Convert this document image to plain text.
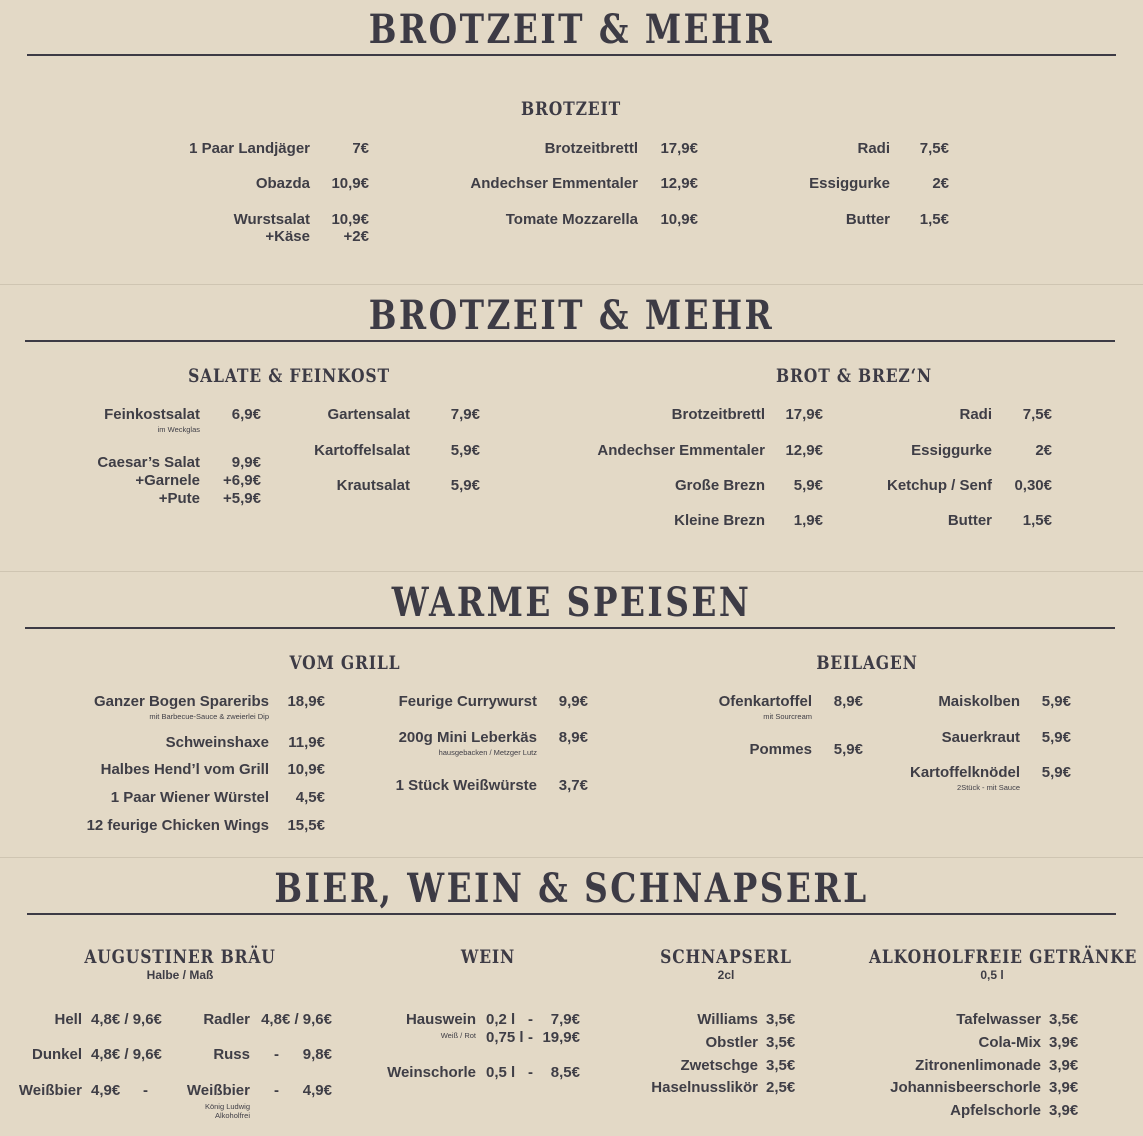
BROTZEIT & MEHR
BROTZEIT
1 Paar Landjäger	7€
Obazda 10,9€
Wurstsalat 10,9€
+Käse +2€
Brotzeitbrettl 17,9€
Andechser Emmentaler 12,9€
Tomate Mozzarella 10,9€
Radi 7,5€
Essiggurke	2€
Butter 1,5€
BROTZEIT & MEHR
SALATE & FEINKOST	BROT & BREZ‘N
Feinkostsalat 6,9€
im Weckglas
Caesar’s Salat 9,9€
+Garnele +6,9€
+Pute +5,9€
Gartensalat	7,9€
Kartoffelsalat	5,9€
Krautsalat	5,9€
Brotzeitbrettl 17,9€
Andechser Emmentaler 12,9€
Große Brezn 5,9€
Kleine Brezn 1,9€
Radi 7,5€
Essiggurke	2€
Ketchup / Senf 0,30€
Butter 1,5€
WARME SPEISEN
VOM GRILL	BEILAGEN
Ganzer Bogen Spareribs 18,9€
mit Barbecue-Sauce & zweierlei Dip
Schweinshaxe 11,9€
Halbes Hend’l vom Grill 10,9€
1 Paar Wiener Würstel 4,5€
12 feurige Chicken Wings 15,5€
Feurige Currywurst 9,9€
200g Mini Leberkäs 8,9€
hausgebacken / Metzger Lutz
1 Stück Weißwürste 3,7€
Ofenkartoffel 8,9€
mit Sourcream
Pommes 5,9€
Maiskolben 5,9€
Sauerkraut 5,9€
Kartoffelknödel 5,9€
2Stück - mit Sauce
BIER, WEIN & SCHNAPSERL
AUGUSTINER BRÄU
Halbe / Maß
WEIN	SCHNAPSERL
2cl
ALKOHOLFREIE GETRÄNKE
0,5 l
Hell 4,8€ / 9,6€
Dunkel 4,8€ / 9,6€
Weißbier 4,9€ -
Radler 4,8€ / 9,6€
Russ - 9,8€
Weißbier - 4,9€
König Ludwig
Alkoholfrei
Hauswein
Weiß / Rot
0,2 l - 7,9€
0,75 l - 19,9€
Weinschorle 0,5 l - 8,5€
Williams 3,5€
Obstler 3,5€
Zwetschge 3,5€
Haselnusslikör 2,5€
Tafelwasser 3,5€
Cola-Mix 3,9€
Zitronenlimonade 3,9€
Johannisbeerschorle 3,9€
Apfelschorle 3,9€
